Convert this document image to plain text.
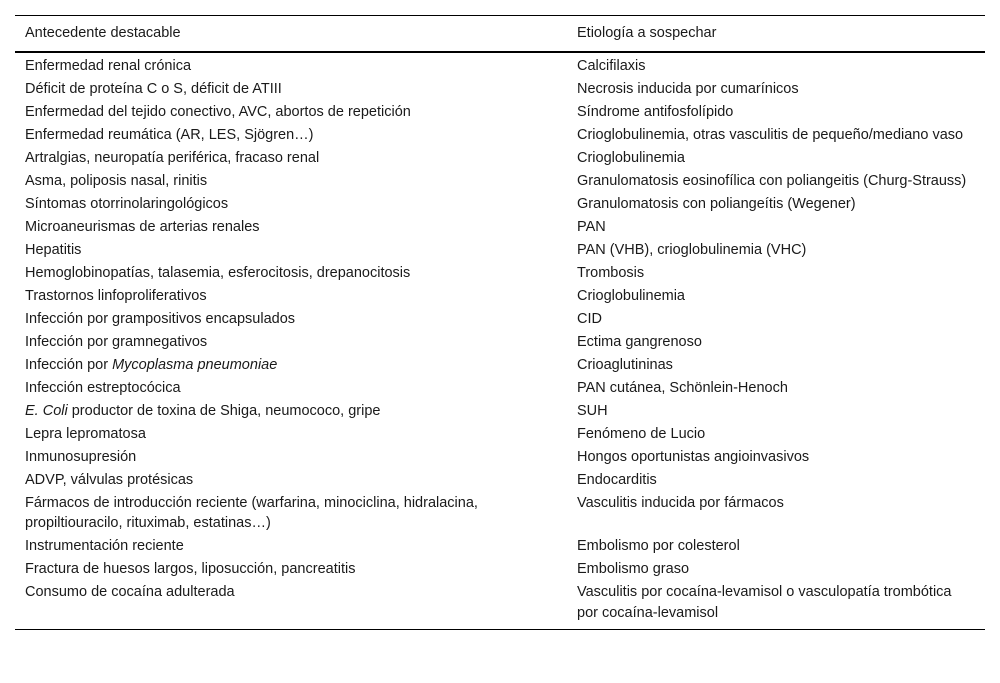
Antecedente destacable	Etiología a sospechar
Enfermedad renal crónica	Calcifilaxis
Déficit de proteína C o S, déficit de ATIII	Necrosis inducida por cumarínicos
Enfermedad del tejido conectivo, AVC, abortos de repetición	Síndrome antifosfolípido
Enfermedad reumática (AR, LES, Sjögren…)	Crioglobulinemia, otras vasculitis de pequeño/mediano vaso
Artralgias, neuropatía periférica, fracaso renal	Crioglobulinemia
Asma, poliposis nasal, rinitis	Granulomatosis eosinofílica con poliangeitis (Churg-Strauss)
Síntomas otorrinolaringológicos	Granulomatosis con poliangeítis (Wegener)
Microaneurismas de arterias renales	PAN
Hepatitis	PAN (VHB), crioglobulinemia (VHC)
Hemoglobinopatías, talasemia, esferocitosis, drepanocitosis	Trombosis
Trastornos linfoproliferativos	Crioglobulinemia
Infección por grampositivos encapsulados	CID
Infección por gramnegativos	Ectima gangrenoso
Infección por Mycoplasma pneumoniae	Crioaglutininas
Infección estreptocócica	PAN cutánea, Schönlein-Henoch
E. Coli productor de toxina de Shiga, neumococo, gripe	SUH
Lepra lepromatosa	Fenómeno de Lucio
Inmunosupresión	Hongos oportunistas angioinvasivos
ADVP, válvulas protésicas	Endocarditis
Fármacos de introducción reciente (warfarina, minociclina, hidralacina, propiltiouracilo, rituximab, estatinas…)	Vasculitis inducida por fármacos
Instrumentación reciente	Embolismo por colesterol
Fractura de huesos largos, liposucción, pancreatitis	Embolismo graso
Consumo de cocaína adulterada	Vasculitis por cocaína-levamisol o vasculopatía trombótica por cocaína-levamisol
